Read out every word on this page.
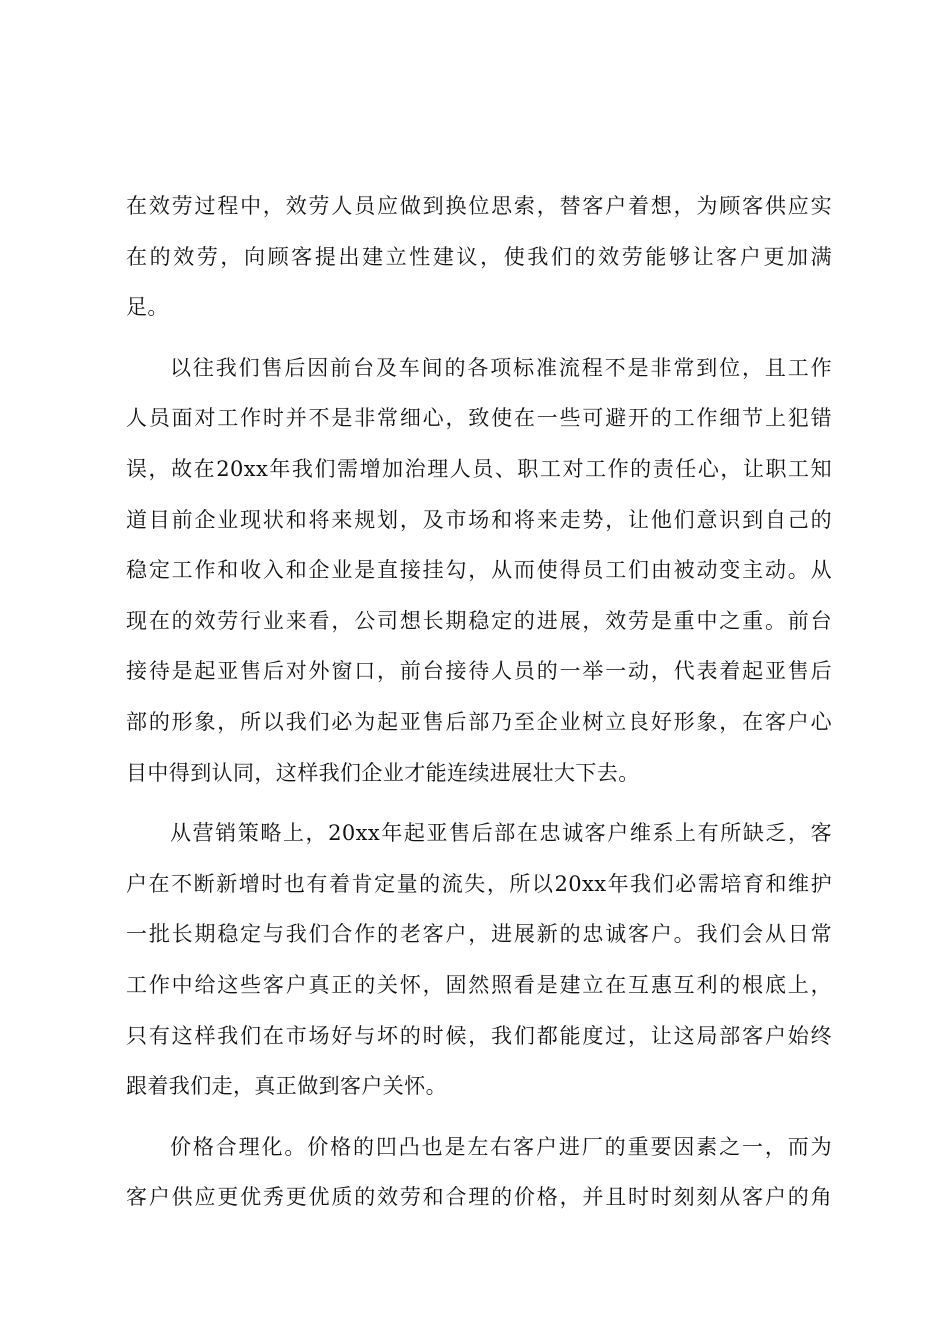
在效劳过程中，效劳人员应做到换位思索，替客户着想，为顾客供应实
在的效劳，向顾客提出建立性建议，使我们的效劳能够让客户更加满
足。

以往我们售后因前台及车间的各项标准流程不是非常到位，且工作
人员面对工作时并不是非常细心，致使在一些可避开的工作细节上犯错
误，故在20xx年我们需增加治理人员、职工对工作的责任心，让职工知
道目前企业现状和将来规划，及市场和将来走势，让他们意识到自己的
稳定工作和收入和企业是直接挂勾，从而使得员工们由被动变主动。从
现在的效劳行业来看，公司想长期稳定的进展，效劳是重中之重。前台
接待是起亚售后对外窗口，前台接待人员的一举一动，代表着起亚售后
部的形象，所以我们必为起亚售后部乃至企业树立良好形象，在客户心
目中得到认同，这样我们企业才能连续进展壮大下去。

从营销策略上，20xx年起亚售后部在忠诚客户维系上有所缺乏，客
户在不断新增时也有着肯定量的流失，所以20xx年我们必需培育和维护
一批长期稳定与我们合作的老客户，进展新的忠诚客户。我们会从日常
工作中给这些客户真正的关怀，固然照看是建立在互惠互利的根底上，
只有这样我们在市场好与坏的时候，我们都能度过，让这局部客户始终
跟着我们走，真正做到客户关怀。

价格合理化。价格的凹凸也是左右客户进厂的重要因素之一，而为
客户供应更优秀更优质的效劳和合理的价格，并且时时刻刻从客户的角
